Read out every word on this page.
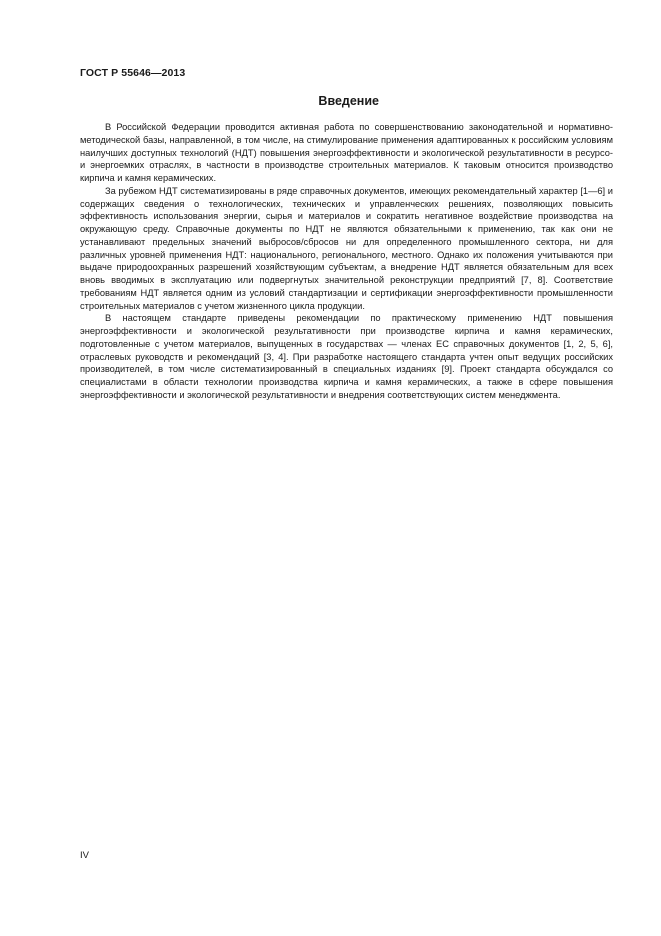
ГОСТ Р 55646—2013
Введение

В Российской Федерации проводится активная работа по совершенствованию законодательной и нормативно-методической базы, направленной, в том числе, на стимулирование применения адаптированных к российским условиям наилучших доступных технологий (НДТ) повышения энергоэффективности и экологической результативности в ресурсо- и энергоемких отраслях, в частности в производстве строительных материалов. К таковым относится производство кирпича и камня керамических.

За рубежом НДТ систематизированы в ряде справочных документов, имеющих рекомендательный характер [1—6] и содержащих сведения о технологических, технических и управленческих решениях, позволяющих повысить эффективность использования энергии, сырья и материалов и сократить негативное воздействие производства на окружающую среду. Справочные документы по НДТ не являются обязательными к применению, так как они не устанавливают предельных значений выбросов/сбросов ни для определенного промышленного сектора, ни для различных уровней применения НДТ: национального, регионального, местного. Однако их положения учитываются при выдаче природоохранных разрешений хозяйствующим субъектам, а внедрение НДТ является обязательным для всех вновь вводимых в эксплуатацию или подвергнутых значительной реконструкции предприятий [7, 8]. Соответствие требованиям НДТ является одним из условий стандартизации и сертификации энергоэффективности промышленности строительных материалов с учетом жизненного цикла продукции.

В настоящем стандарте приведены рекомендации по практическому применению НДТ повышения энергоэффективности и экологической результативности при производстве кирпича и камня керамических, подготовленные с учетом материалов, выпущенных в государствах — членах ЕС справочных документов [1, 2, 5, 6], отраслевых руководств и рекомендаций [3, 4]. При разработке настоящего стандарта учтен опыт ведущих российских производителей, в том числе систематизированный в специальных изданиях [9]. Проект стандарта обсуждался со специалистами в области технологии производства кирпича и камня керамических, а также в сфере повышения энергоэффективности и экологической результативности и внедрения соответствующих систем менеджмента.

IV
